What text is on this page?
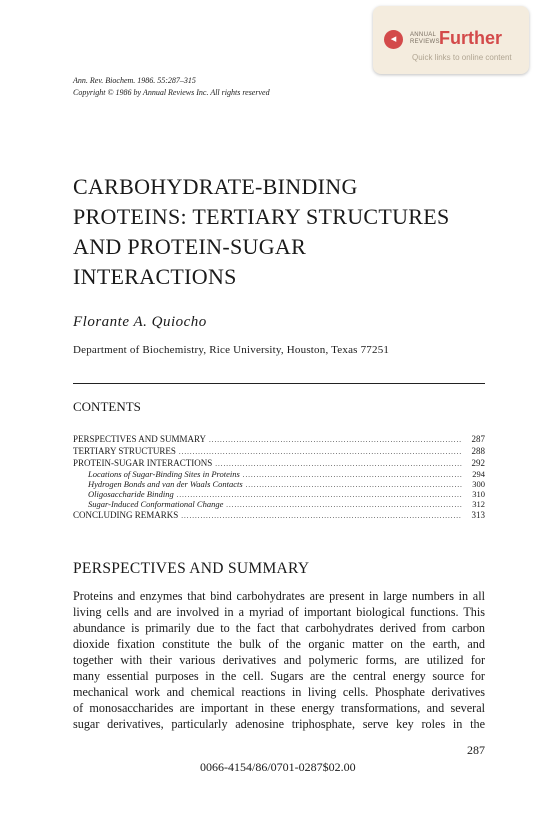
◂	ANNUAL
REVIEWS Further
Quick links to online content
Ann. Rev. Biochem. 1986. 55:287–315
Copyright © 1986 by Annual Reviews Inc. All rights reserved
CARBOHYDRATE-BINDING
PROTEINS: TERTIARY STRUCTURES
AND PROTEIN-SUGAR
INTERACTIONS
Florante A. Quiocho
Department of Biochemistry, Rice University, Houston, Texas 77251
CONTENTS
PERSPECTIVES AND SUMMARY .....	287
TERTIARY STRUCTURES .....	288
PROTEIN-SUGAR INTERACTIONS .....	292
Locations of Sugar-Binding Sites in Proteins .....	294
Hydrogen Bonds and van der Waals Contacts .....	300
Oligosaccharide Binding .....	310
Sugar-Induced Conformational Change .....	312
CONCLUDING REMARKS .....	313
PERSPECTIVES AND SUMMARY
Proteins and enzymes that bind carbohydrates are present in large numbers in all
living cells and are involved in a myriad of important biological functions. This
abundance is primarily due to the fact that carbohydrates derived from carbon
dioxide fixation constitute the bulk of the organic matter on the earth, and
together with their various derivatives and polymeric forms, are utilized for
many essential purposes in the cell. Sugars are the central energy source for
mechanical work and chemical reactions in living cells. Phosphate derivatives
of monosaccharides are important in these energy transformations, and several
sugar derivatives, particularly adenosine triphosphate, serve key roles in the
287
0066-4154/86/0701-0287$02.00
